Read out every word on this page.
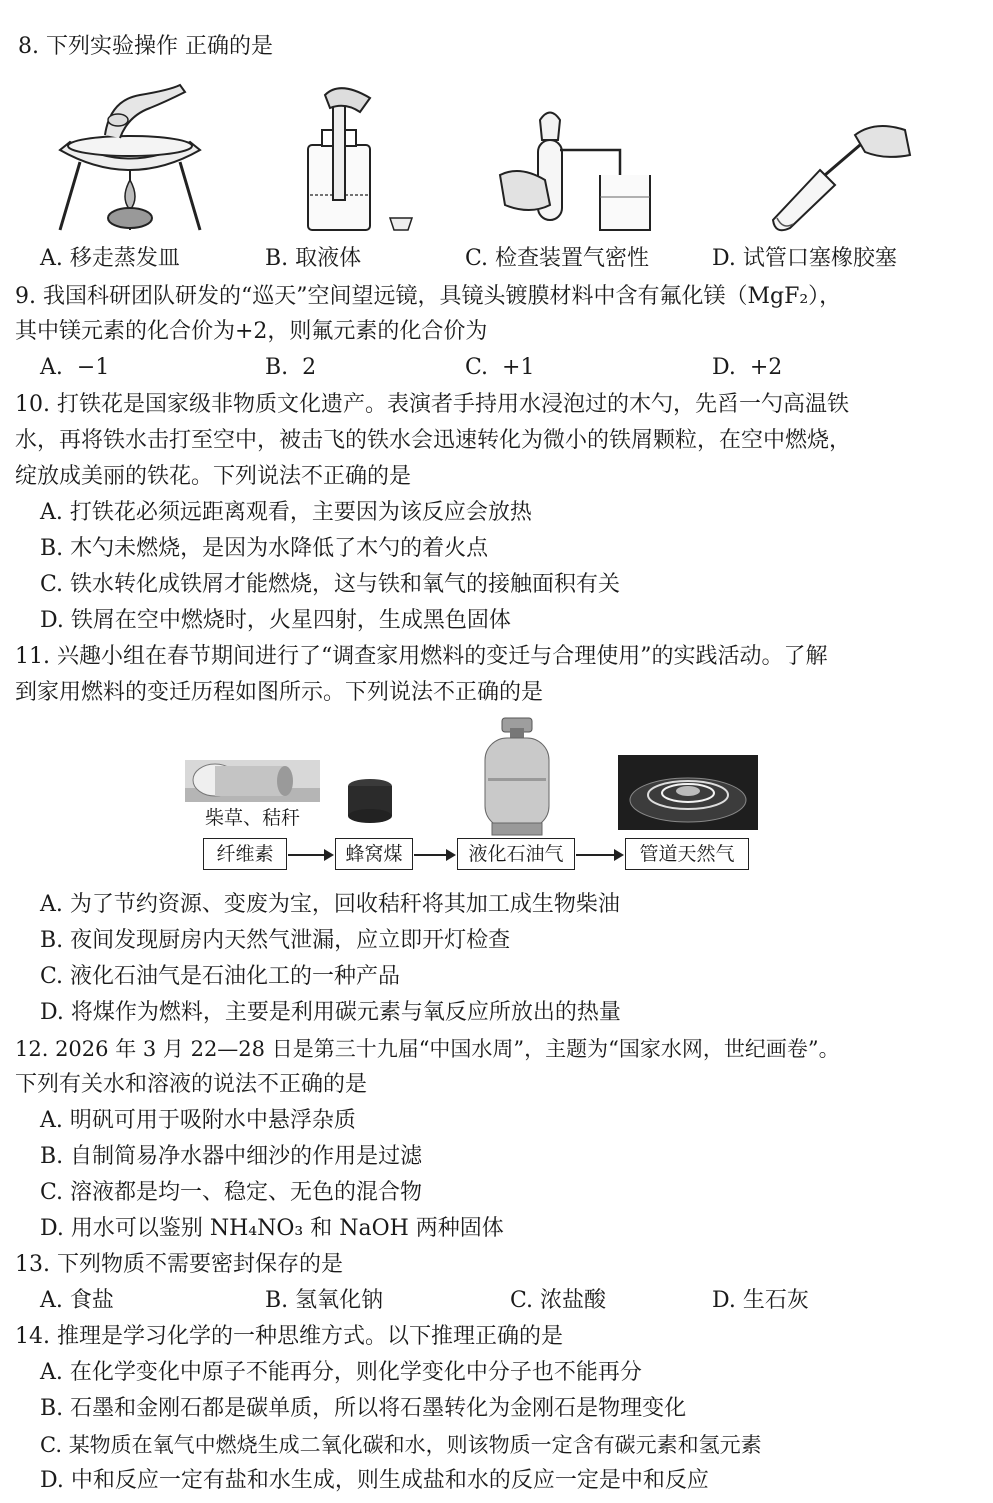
8. 下列实验操作 正确的是
A. 移走蒸发皿	B. 取液体	C. 检查装置气密性	D. 试管口塞橡胶塞
9. 我国科研团队研发的“巡天”空间望远镜，具镜头镀膜材料中含有氟化镁（MgF₂），
其中镁元素的化合价为+2，则氟元素的化合价为
A. −1	B. 2	C. +1	D. +2
10. 打铁花是国家级非物质文化遗产。表演者手持用水浸泡过的木勺，先舀一勺高温铁
水，再将铁水击打至空中，被击飞的铁水会迅速转化为微小的铁屑颗粒，在空中燃烧，
绽放成美丽的铁花。下列说法不正确的是
A. 打铁花必须远距离观看，主要因为该反应会放热
B. 木勺未燃烧，是因为水降低了木勺的着火点
C. 铁水转化成铁屑才能燃烧，这与铁和氧气的接触面积有关
D. 铁屑在空中燃烧时，火星四射，生成黑色固体
11. 兴趣小组在春节期间进行了“调查家用燃料的变迁与合理使用”的实践活动。了解
到家用燃料的变迁历程如图所示。下列说法不正确的是
柴草、秸秆
纤维素	蜂窝煤	液化石油气	管道天然气
A. 为了节约资源、变废为宝，回收秸秆将其加工成生物柴油
B. 夜间发现厨房内天然气泄漏，应立即开灯检查
C. 液化石油气是石油化工的一种产品
D. 将煤作为燃料，主要是利用碳元素与氧反应所放出的热量
12. 2026 年 3 月 22—28 日是第三十九届“中国水周”，主题为“国家水网，世纪画卷”。
下列有关水和溶液的说法不正确的是
A. 明矾可用于吸附水中悬浮杂质
B. 自制简易净水器中细沙的作用是过滤
C. 溶液都是均一、稳定、无色的混合物
D. 用水可以鉴别 NH₄NO₃ 和 NaOH 两种固体
13. 下列物质不需要密封保存的是
A. 食盐	B. 氢氧化钠	C. 浓盐酸	D. 生石灰
14. 推理是学习化学的一种思维方式。以下推理正确的是
A. 在化学变化中原子不能再分，则化学变化中分子也不能再分
B. 石墨和金刚石都是碳单质，所以将石墨转化为金刚石是物理变化
C. 某物质在氧气中燃烧生成二氧化碳和水，则该物质一定含有碳元素和氢元素
D. 中和反应一定有盐和水生成，则生成盐和水的反应一定是中和反应
